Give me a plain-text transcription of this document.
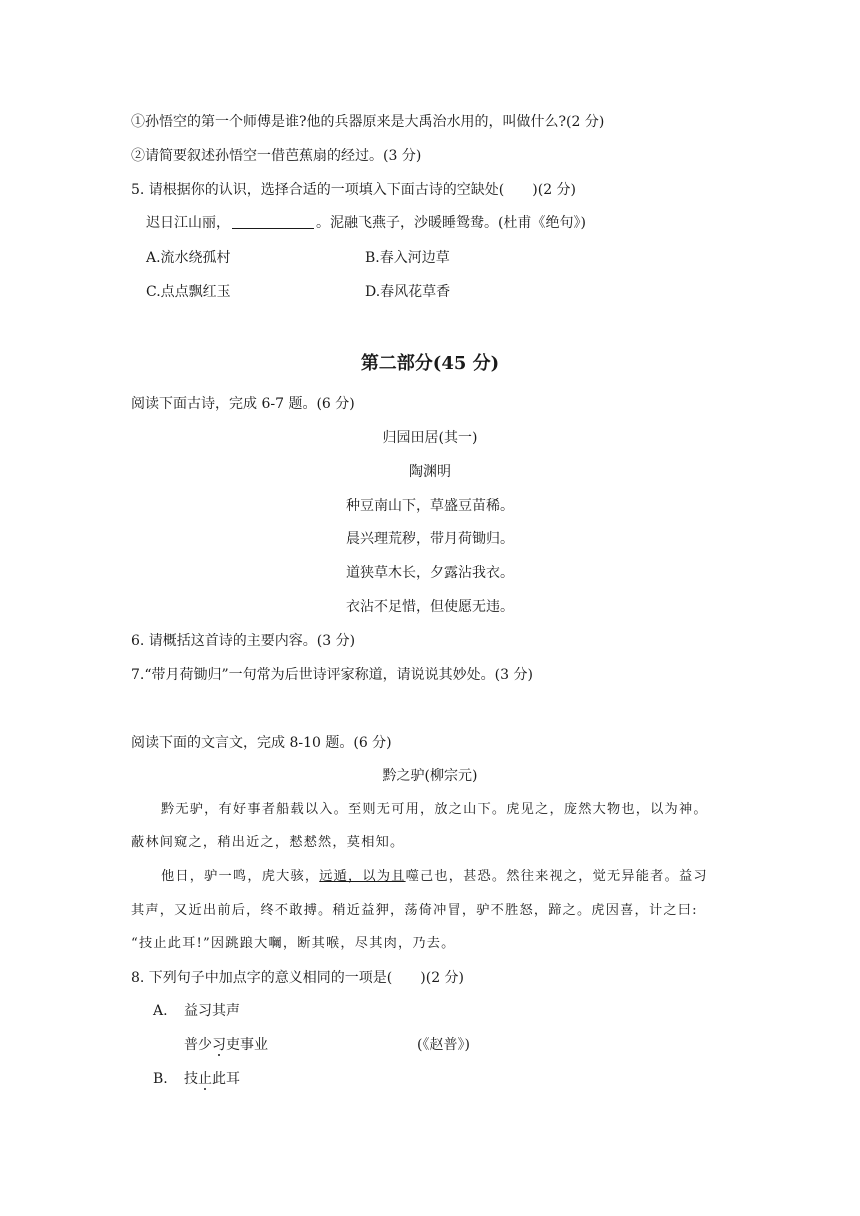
①孙悟空的第一个师傅是谁?他的兵器原来是大禹治水用的，叫做什么?(2 分)
②请简要叙述孙悟空一借芭蕉扇的经过。(3 分)
5. 请根据你的认识，选择合适的一项填入下面古诗的空缺处(　　)(2 分)
迟日江山丽，	。泥融飞燕子，沙暖睡鸳鸯。(杜甫《绝句》)
A.流水绕孤村	B.春入河边草
C.点点飘红玉	D.春风花草香
第二部分(45 分)
阅读下面古诗，完成 6-7 题。(6 分)
归园田居(其一)
陶渊明
种豆南山下，草盛豆苗稀。
晨兴理荒秽，带月荷锄归。
道狭草木长，夕露沾我衣。
衣沾不足惜，但使愿无违。
6. 请概括这首诗的主要内容。(3 分)
7.“带月荷锄归”一句常为后世诗评家称道，请说说其妙处。(3 分)
阅读下面的文言文，完成 8-10 题。(6 分)
黔之驴(柳宗元)
黔无驴，有好事者船载以入。至则无可用，放之山下。虎见之，庞然大物也，以为神。
蔽林间窥之，稍出近之，慭慭然，莫相知。
他日，驴一鸣，虎大骇，远遁，以为且噬己也，甚恐。然往来视之，觉无异能者。益习
其声，又近出前后，终不敢搏。稍近益狎，荡倚冲冒，驴不胜怒，蹄之。虎因喜，计之曰:
“技止此耳!”因跳踉大㘎，断其喉，尽其肉，乃去。
8. 下列句子中加点字的意义相同的一项是(　　)(2 分)
A. 益习其声
普少习吏事业	(《赵普》)
B. 技止此耳
